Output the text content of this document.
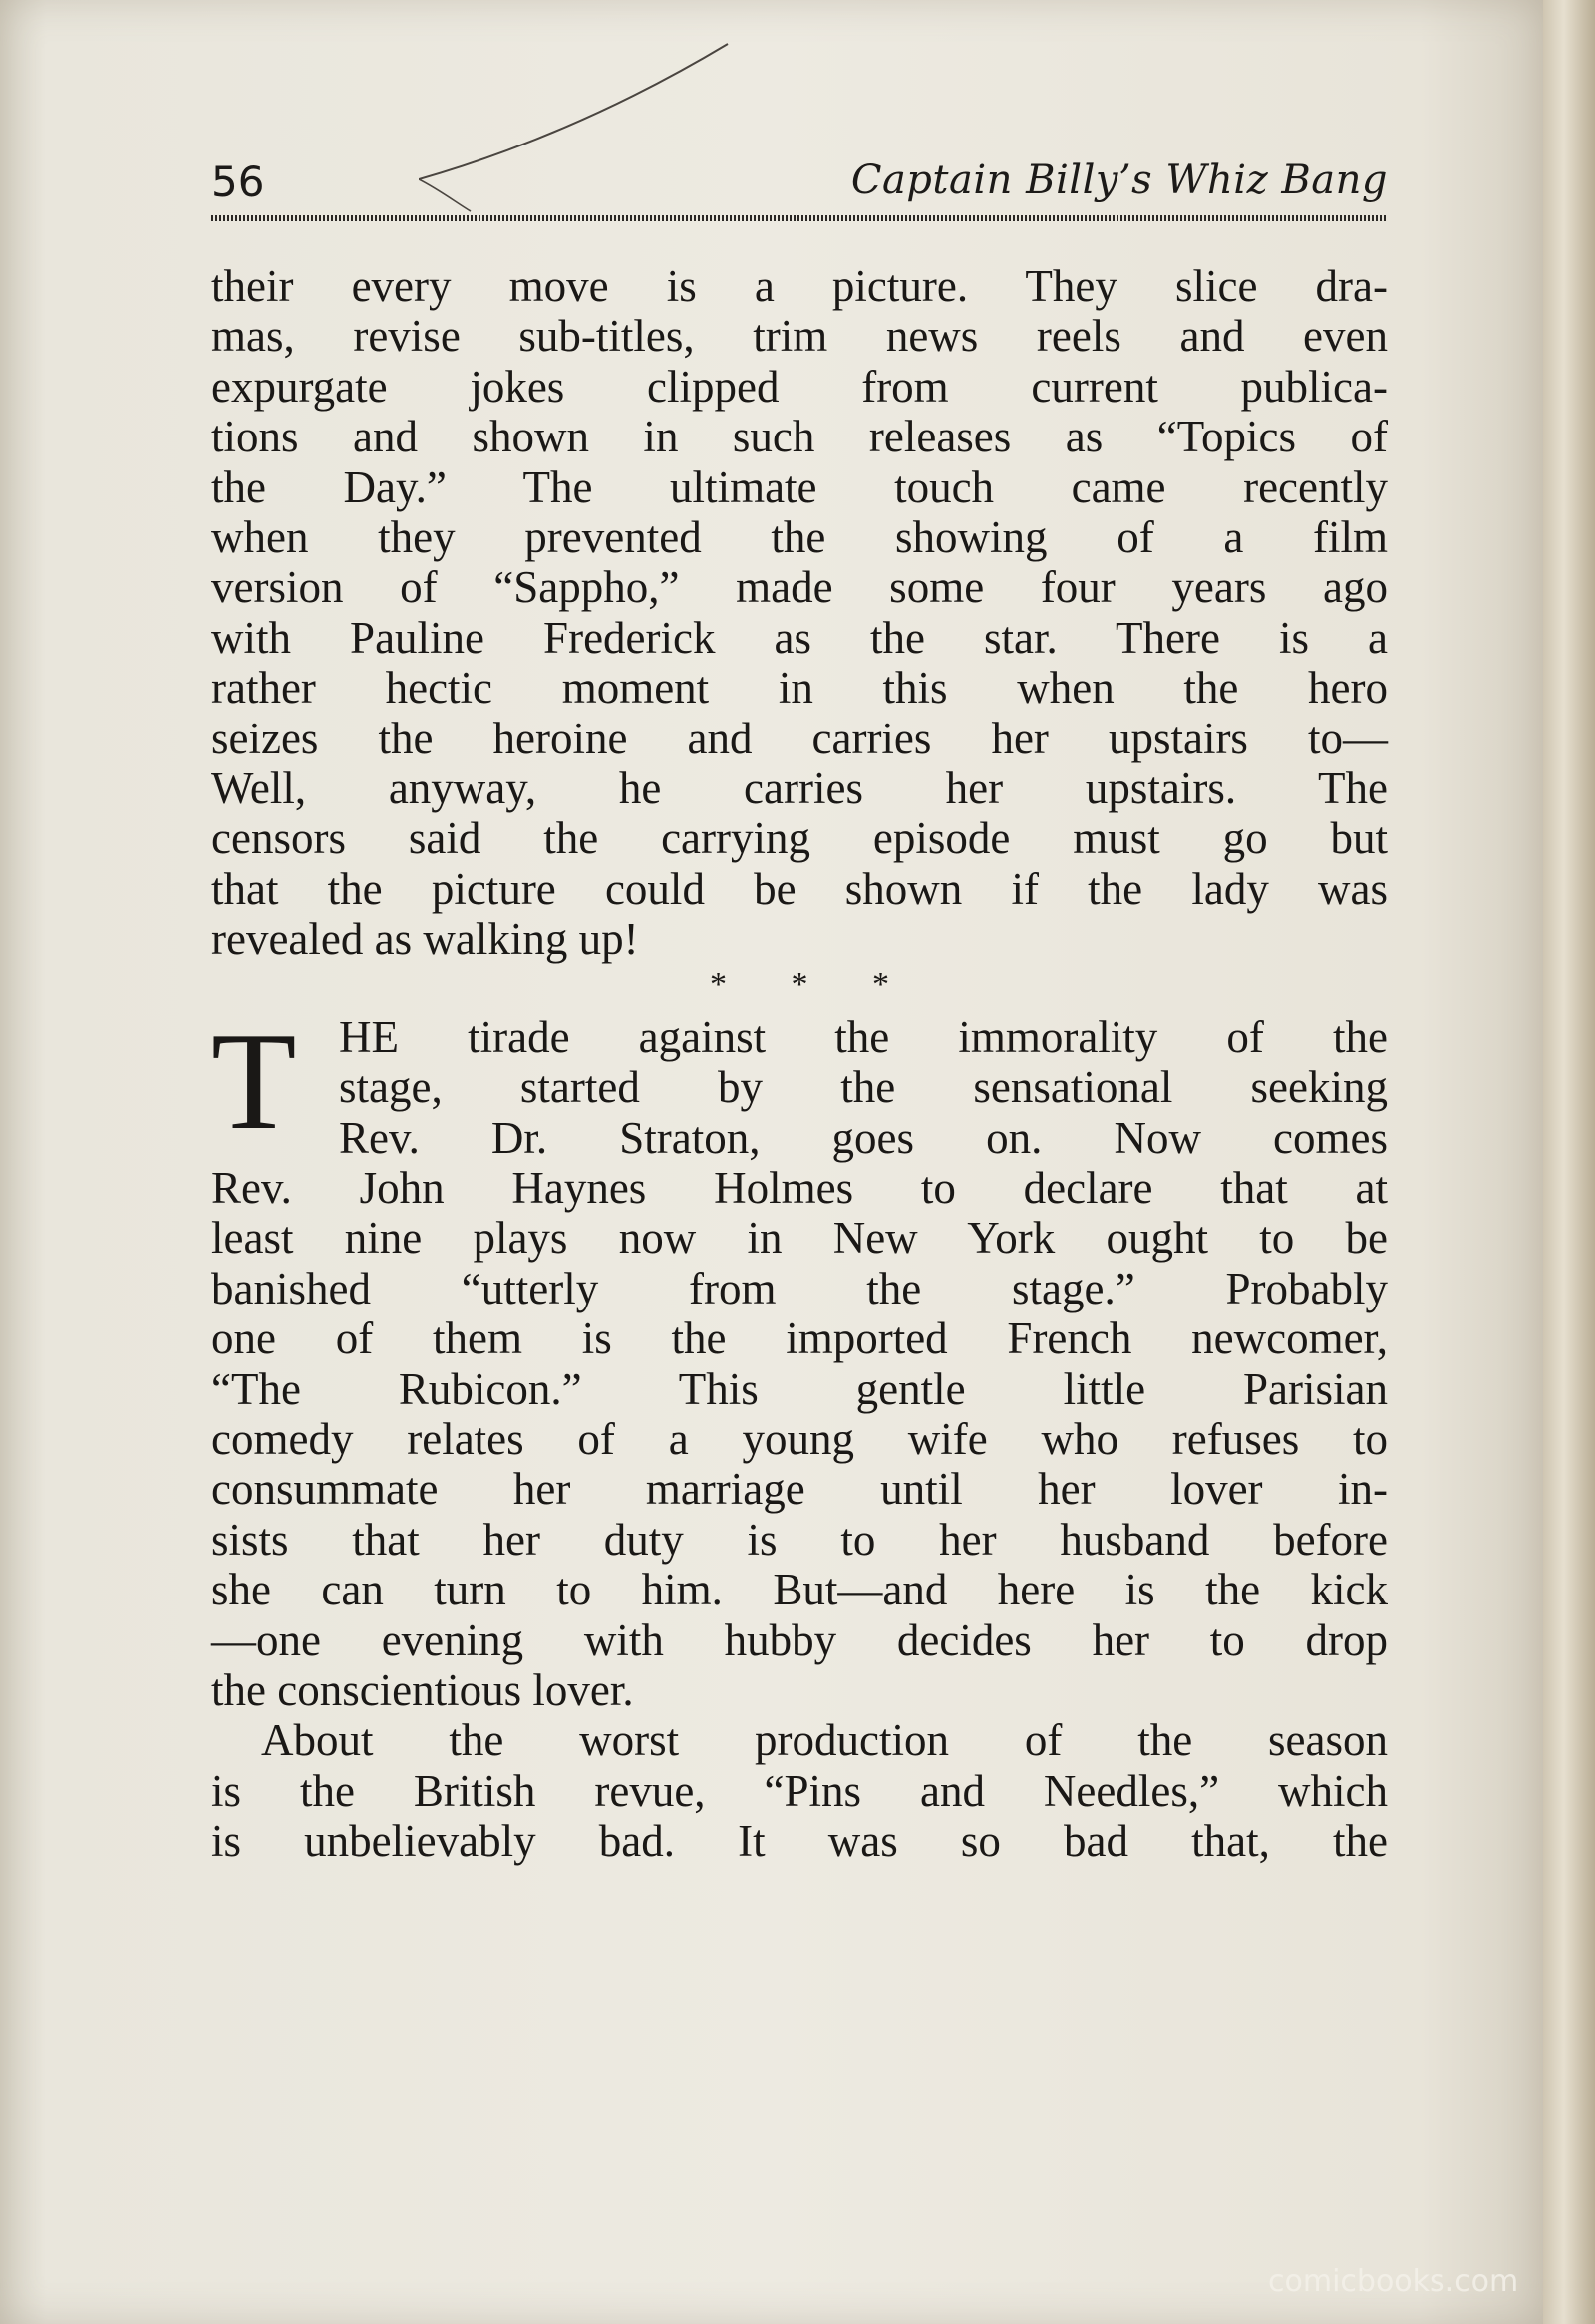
56	Captain Billy’s Whiz Bang
their every move is a picture. They slice dra-
mas, revise sub-titles, trim news reels and even
expurgate jokes clipped from current publica-
tions and shown in such releases as “Topics of
the Day.” The ultimate touch came recently
when they prevented the showing of a film
version of “Sappho,” made some four years ago
with Pauline Frederick as the star. There is a
rather hectic moment in this when the hero
seizes the heroine and carries her upstairs to—
Well, anyway, he carries her upstairs. The
censors said the carrying episode must go but
that the picture could be shown if the lady was
revealed as walking up!
* * *
T HE tirade against the immorality of the
stage, started by the sensational seeking
Rev. Dr. Straton, goes on. Now comes
Rev. John Haynes Holmes to declare that at
least nine plays now in New York ought to be
banished “utterly from the stage.” Probably
one of them is the imported French newcomer,
“The Rubicon.” This gentle little Parisian
comedy relates of a young wife who refuses to
consummate her marriage until her lover in-
sists that her duty is to her husband before
she can turn to him. But—and here is the kick
—one evening with hubby decides her to drop
the conscientious lover.
About the worst production of the season
is the British revue, “Pins and Needles,” which
is unbelievably bad. It was so bad that, the
comicbooks.com
